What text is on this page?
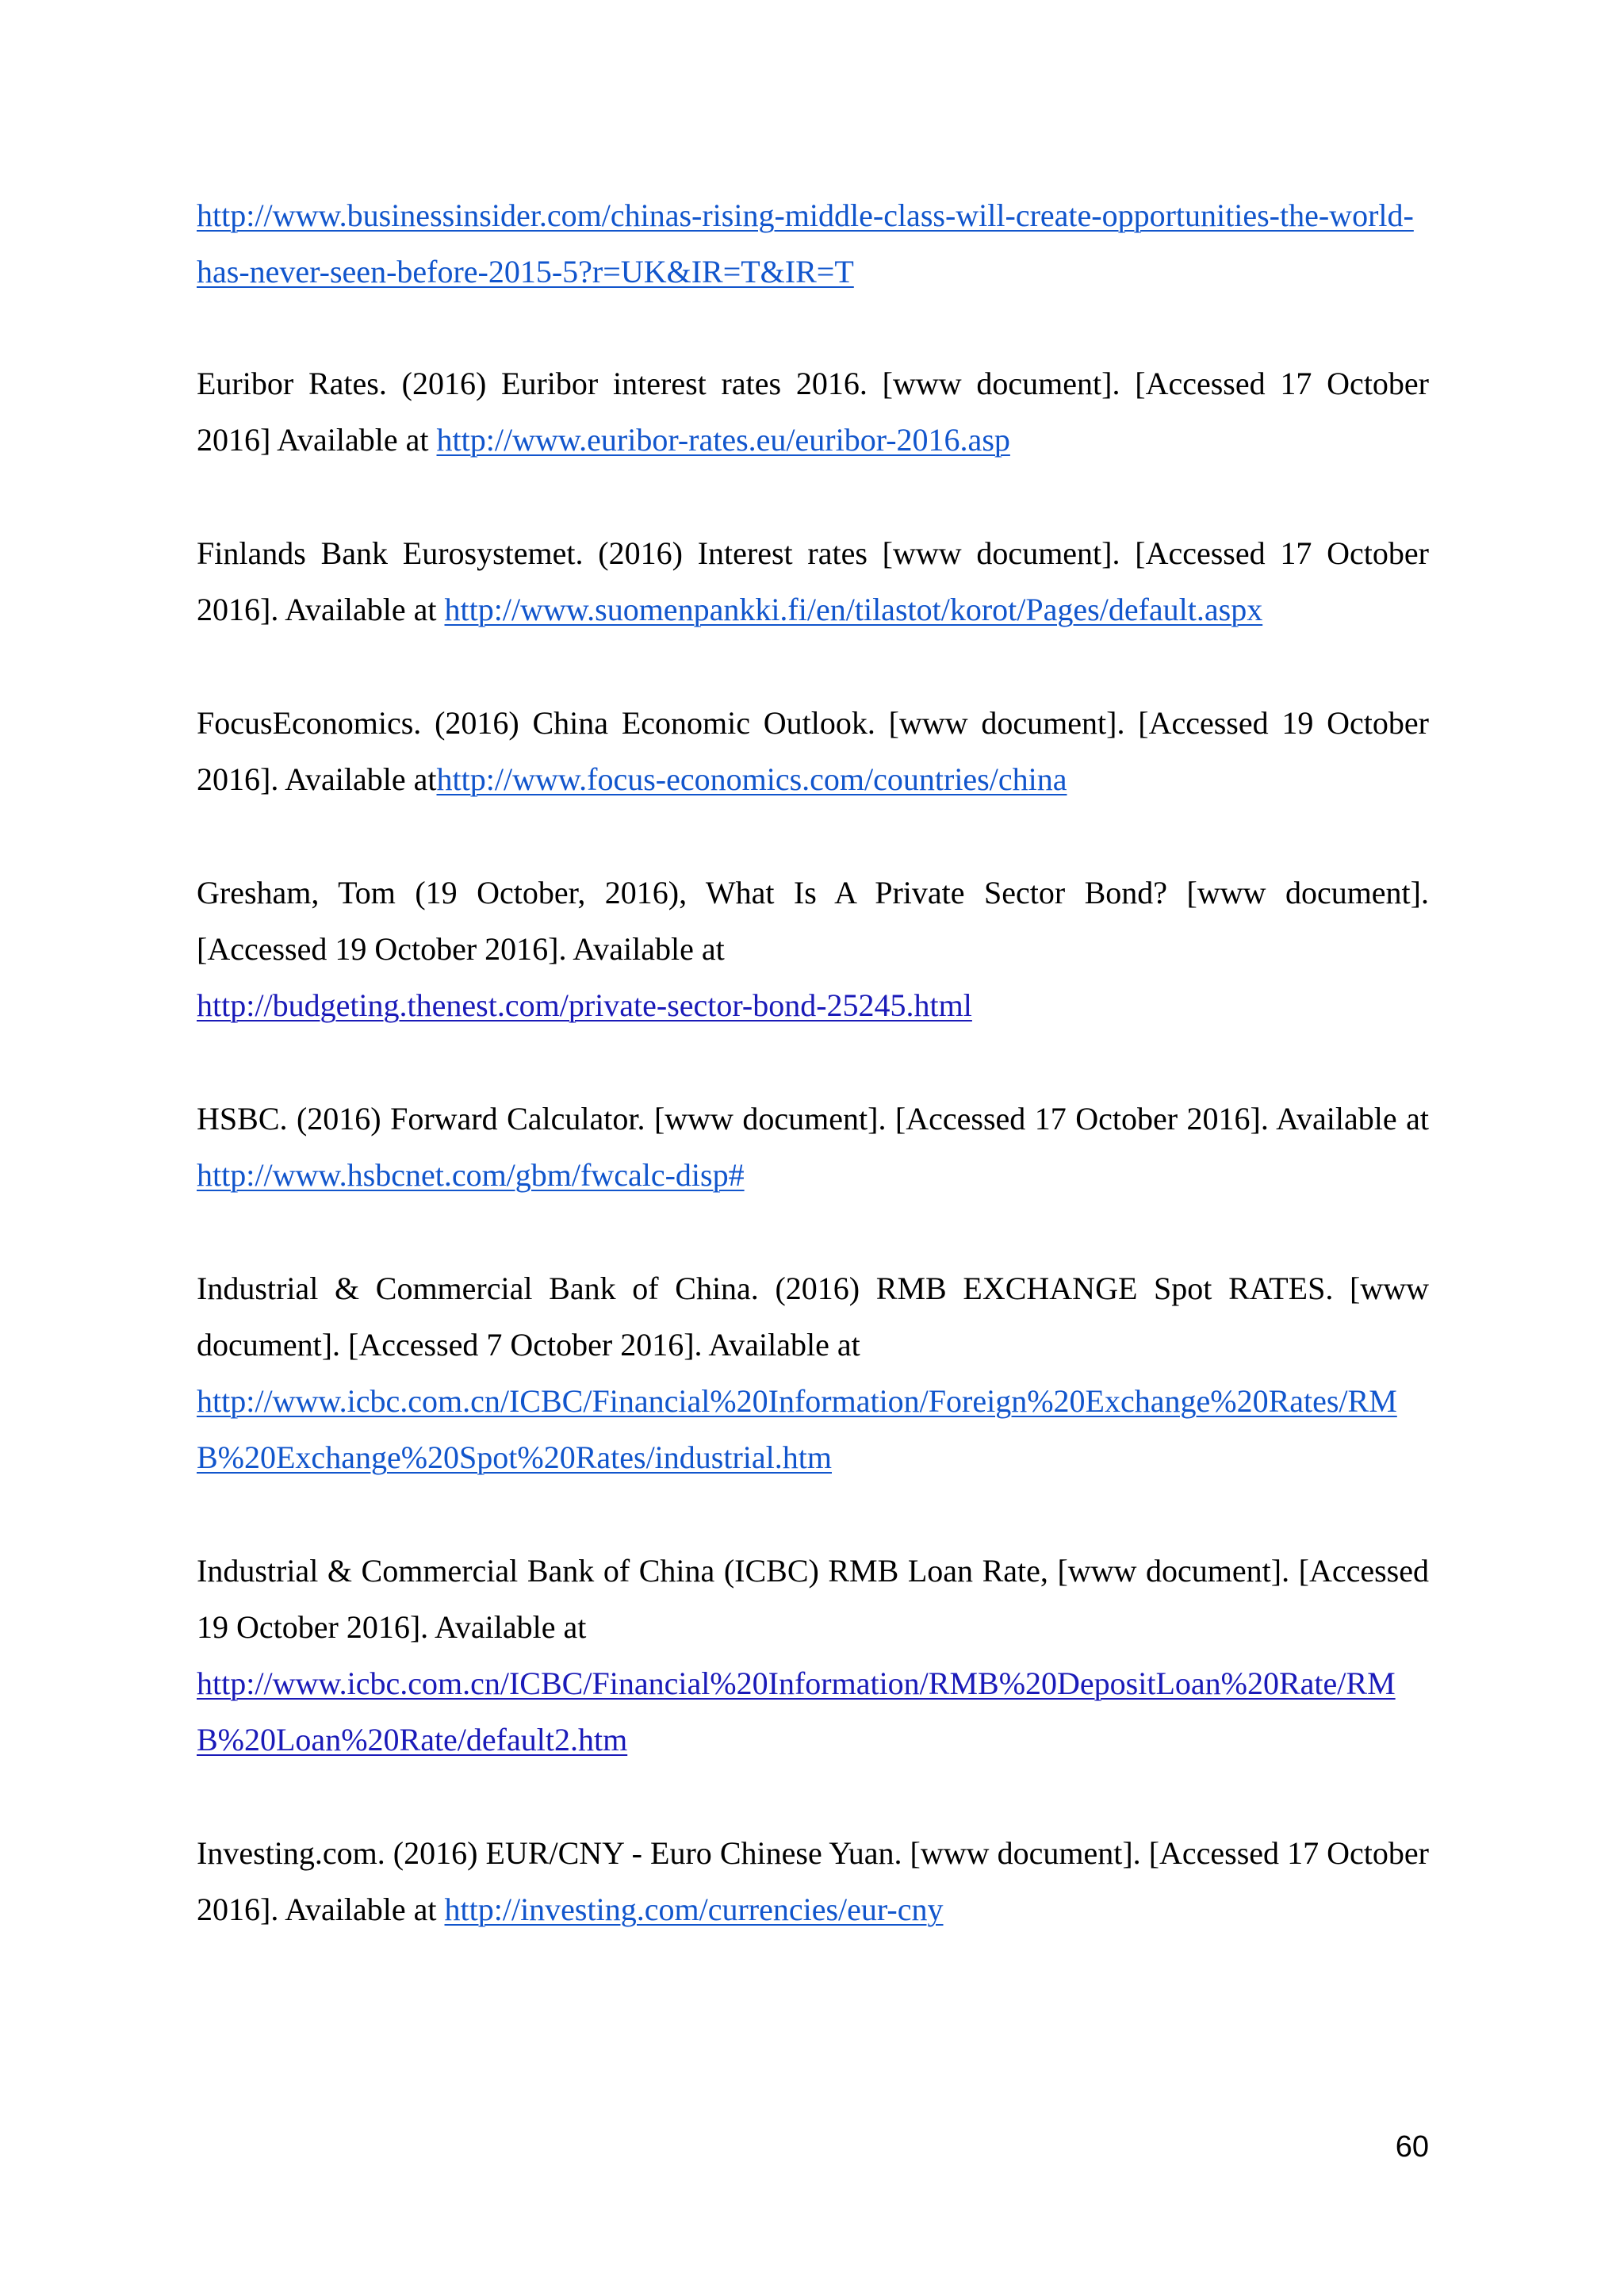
http://www.businessinsider.com/chinas-rising-middle-class-will-create-opportunities-the-world-has-never-seen-before-2015-5?r=UK&IR=T&IR=T

Euribor Rates. (2016) Euribor interest rates 2016. [www document]. [Accessed 17 October 2016] Available at http://www.euribor-rates.eu/euribor-2016.asp

Finlands Bank Eurosystemet. (2016) Interest rates [www document]. [Accessed 17 October 2016]. Available at http://www.suomenpankki.fi/en/tilastot/korot/Pages/default.aspx

FocusEconomics. (2016) China Economic Outlook. [www document]. [Accessed 19 October 2016]. Available athttp://www.focus-economics.com/countries/china

Gresham, Tom (19 October, 2016), What Is A Private Sector Bond? [www document]. [Accessed 19 October 2016]. Available at
http://budgeting.thenest.com/private-sector-bond-25245.html

HSBC. (2016) Forward Calculator. [www document]. [Accessed 17 October 2016]. Available at http://www.hsbcnet.com/gbm/fwcalc-disp#

Industrial & Commercial Bank of China. (2016) RMB EXCHANGE Spot RATES. [www document]. [Accessed 7 October 2016]. Available at
http://www.icbc.com.cn/ICBC/Financial%20Information/Foreign%20Exchange%20Rates/RMB%20Exchange%20Spot%20Rates/industrial.htm

Industrial & Commercial Bank of China (ICBC) RMB Loan Rate, [www document]. [Accessed 19 October 2016]. Available at
http://www.icbc.com.cn/ICBC/Financial%20Information/RMB%20DepositLoan%20Rate/RMB%20Loan%20Rate/default2.htm

Investing.com. (2016) EUR/CNY - Euro Chinese Yuan. [www document]. [Accessed 17 October 2016]. Available at http://investing.com/currencies/eur-cny

60
